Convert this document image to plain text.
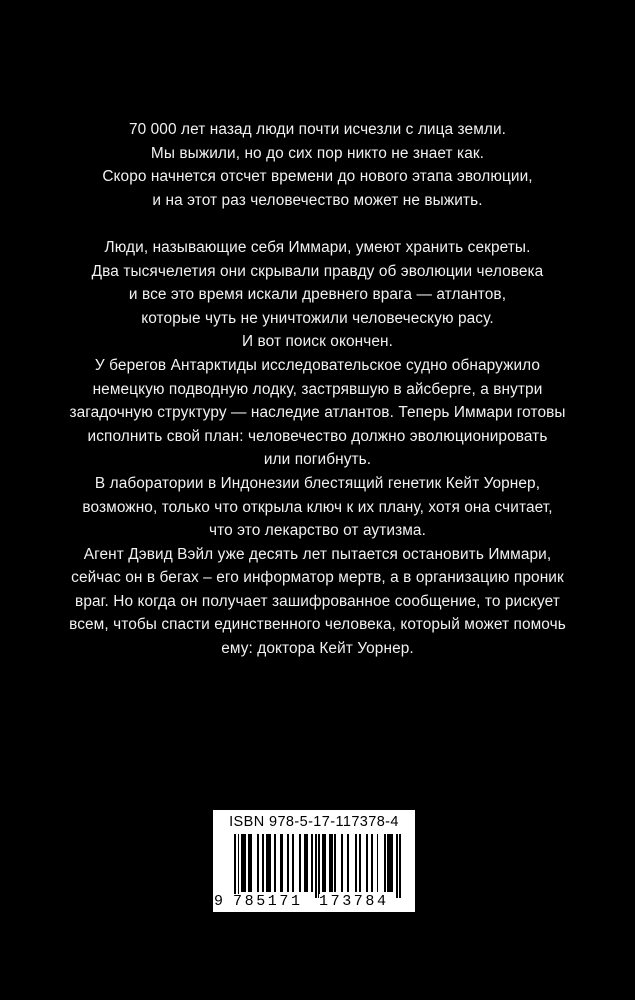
70 000 лет назад люди почти исчезли с лица земли.
Мы выжили, но до сих пор никто не знает как.
Скоро начнется отсчет времени до нового этапа эволюции,
и на этот раз человечество может не выжить.

Люди, называющие себя Иммари, умеют хранить секреты.
Два тысячелетия они скрывали правду об эволюции человека
и все это время искали древнего врага — атлантов,
которые чуть не уничтожили человеческую расу.
И вот поиск окончен.
У берегов Антарктиды исследовательское судно обнаружило
немецкую подводную лодку, застрявшую в айсберге, а внутри
загадочную структуру — наследие атлантов. Теперь Иммари готовы
исполнить свой план: человечество должно эволюционировать
или погибнуть.
В лаборатории в Индонезии блестящий генетик Кейт Уорнер,
возможно, только что открыла ключ к их плану, хотя она считает,
что это лекарство от аутизма.
Агент Дэвид Вэйл уже десять лет пытается остановить Иммари,
сейчас он в бегах – его информатор мертв, а в организацию проник
враг. Но когда он получает зашифрованное сообщение, то рискует
всем, чтобы спасти единственного человека, который может помочь
ему: доктора Кейт Уорнер.

ISBN 978-5-17-117378-4
9 785171 173784
